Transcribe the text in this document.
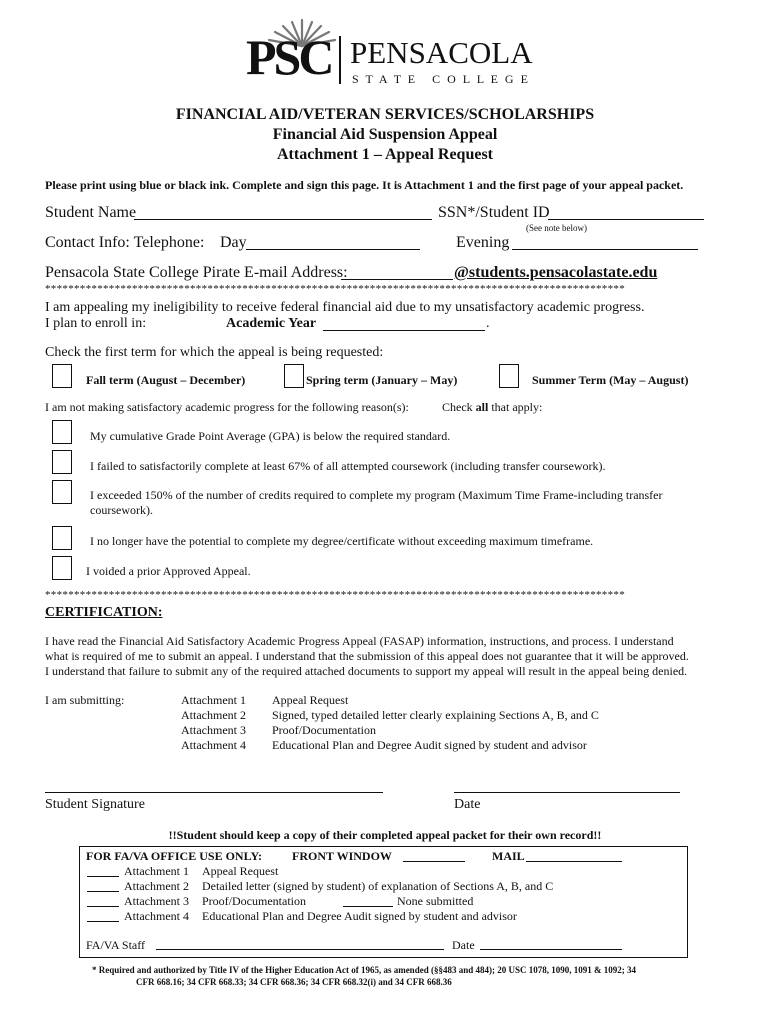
PSC PENSACOLA
S T A T E   C O L L E G E
FINANCIAL AID/VETERAN SERVICES/SCHOLARSHIPS
Financial Aid Suspension Appeal
Attachment 1 – Appeal Request
Please print using blue or black ink. Complete and sign this page. It is Attachment 1 and the first page of your appeal packet.
Student Name	SSN*/Student ID
(See note below)
Contact Info: Telephone: Day	Evening
Pensacola State College Pirate E-mail Address:	@students.pensacolastate.edu
****************************************************************************************************
I am appealing my ineligibility to receive federal financial aid due to my unsatisfactory academic progress.
I plan to enroll in:	Academic Year	.
Check the first term for which the appeal is being requested:
Fall term (August – December)	Spring term (January – May)	Summer Term (May – August)
I am not making satisfactory academic progress for the following reason(s):	Check all that apply:
My cumulative Grade Point Average (GPA) is below the required standard.
I failed to satisfactorily complete at least 67% of all attempted coursework (including transfer coursework).
I exceeded 150% of the number of credits required to complete my program (Maximum Time Frame-including transfer
coursework).
I no longer have the potential to complete my degree/certificate without exceeding maximum timeframe.
I voided a prior Approved Appeal.
****************************************************************************************************
CERTIFICATION:
I have read the Financial Aid Satisfactory Academic Progress Appeal (FASAP) information, instructions, and process. I understand
what is required of me to submit an appeal. I understand that the submission of this appeal does not guarantee that it will be approved.
I understand that failure to submit any of the required attached documents to support my appeal will result in the appeal being denied.
I am submitting:	Attachment 1 Appeal Request
Attachment 2 Signed, typed detailed letter clearly explaining Sections A, B, and C
Attachment 3 Proof/Documentation
Attachment 4 Educational Plan and Degree Audit signed by student and advisor
Student Signature	Date
!!Student should keep a copy of their completed appeal packet for their own record!!
FOR FA/VA OFFICE USE ONLY: FRONT WINDOW	MAIL
Attachment 1 Appeal Request
Attachment 2 Detailed letter (signed by student) of explanation of Sections A, B, and C
Attachment 3 Proof/Documentation	None submitted
Attachment 4 Educational Plan and Degree Audit signed by student and advisor
FA/VA Staff	Date
* Required and authorized by Title IV of the Higher Education Act of 1965, as amended (§§483 and 484); 20 USC 1078, 1090, 1091 & 1092; 34
CFR 668.16; 34 CFR 668.33; 34 CFR 668.36; 34 CFR 668.32(i) and 34 CFR 668.36
